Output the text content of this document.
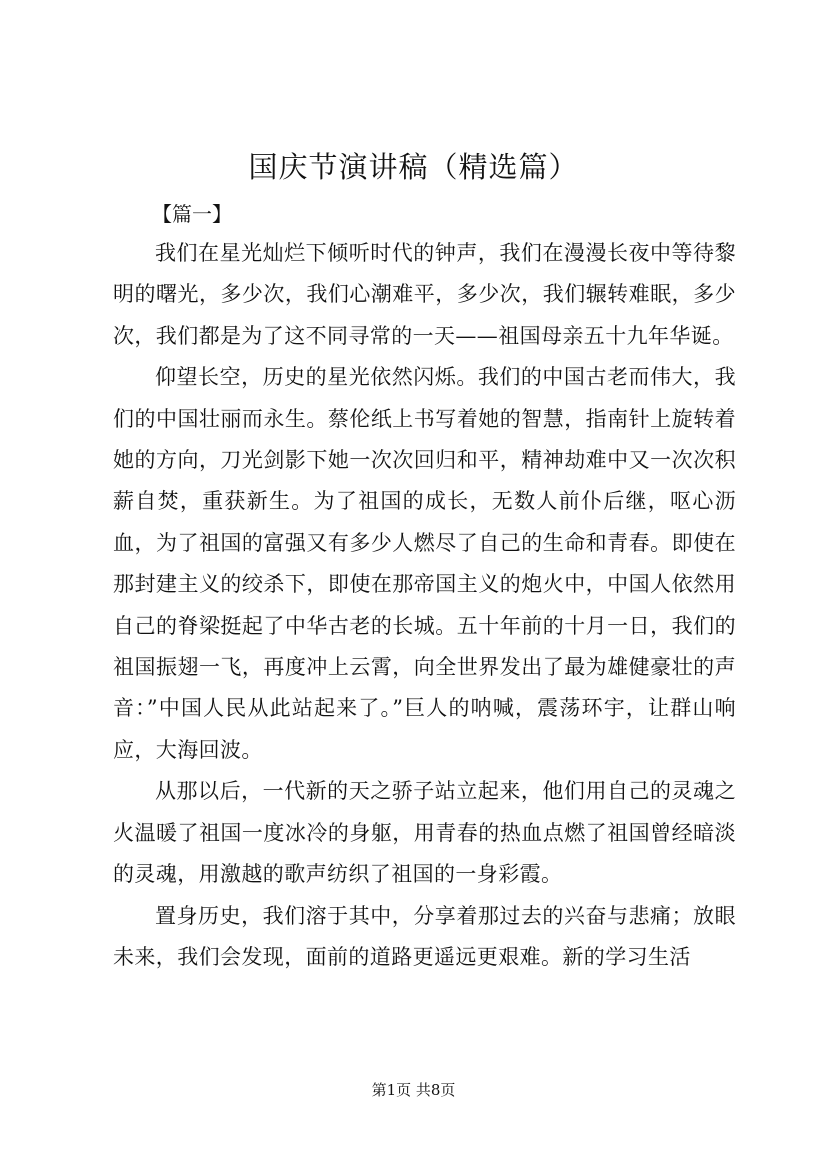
国庆节演讲稿（精选篇）

【篇一】

我们在星光灿烂下倾听时代的钟声，我们在漫漫长夜中等待黎明的曙光，多少次，我们心潮难平，多少次，我们辗转难眠，多少次，我们都是为了这不同寻常的一天——祖国母亲五十九年华诞。

仰望长空，历史的星光依然闪烁。我们的中国古老而伟大，我们的中国壮丽而永生。蔡伦纸上书写着她的智慧，指南针上旋转着她的方向，刀光剑影下她一次次回归和平，精神劫难中又一次次积薪自焚，重获新生。为了祖国的成长，无数人前仆后继，呕心沥血，为了祖国的富强又有多少人燃尽了自己的生命和青春。即使在那封建主义的绞杀下，即使在那帝国主义的炮火中，中国人依然用自己的脊梁挺起了中华古老的长城。五十年前的十月一日，我们的祖国振翅一飞，再度冲上云霄，向全世界发出了最为雄健豪壮的声音：”中国人民从此站起来了。”巨人的呐喊，震荡环宇，让群山响应，大海回波。

从那以后，一代新的天之骄子站立起来，他们用自己的灵魂之火温暖了祖国一度冰冷的身躯，用青春的热血点燃了祖国曾经暗淡的灵魂，用激越的歌声纺织了祖国的一身彩霞。

置身历史，我们溶于其中，分享着那过去的兴奋与悲痛；放眼未来，我们会发现，面前的道路更遥远更艰难。新的学习生活

第1页 共8页
